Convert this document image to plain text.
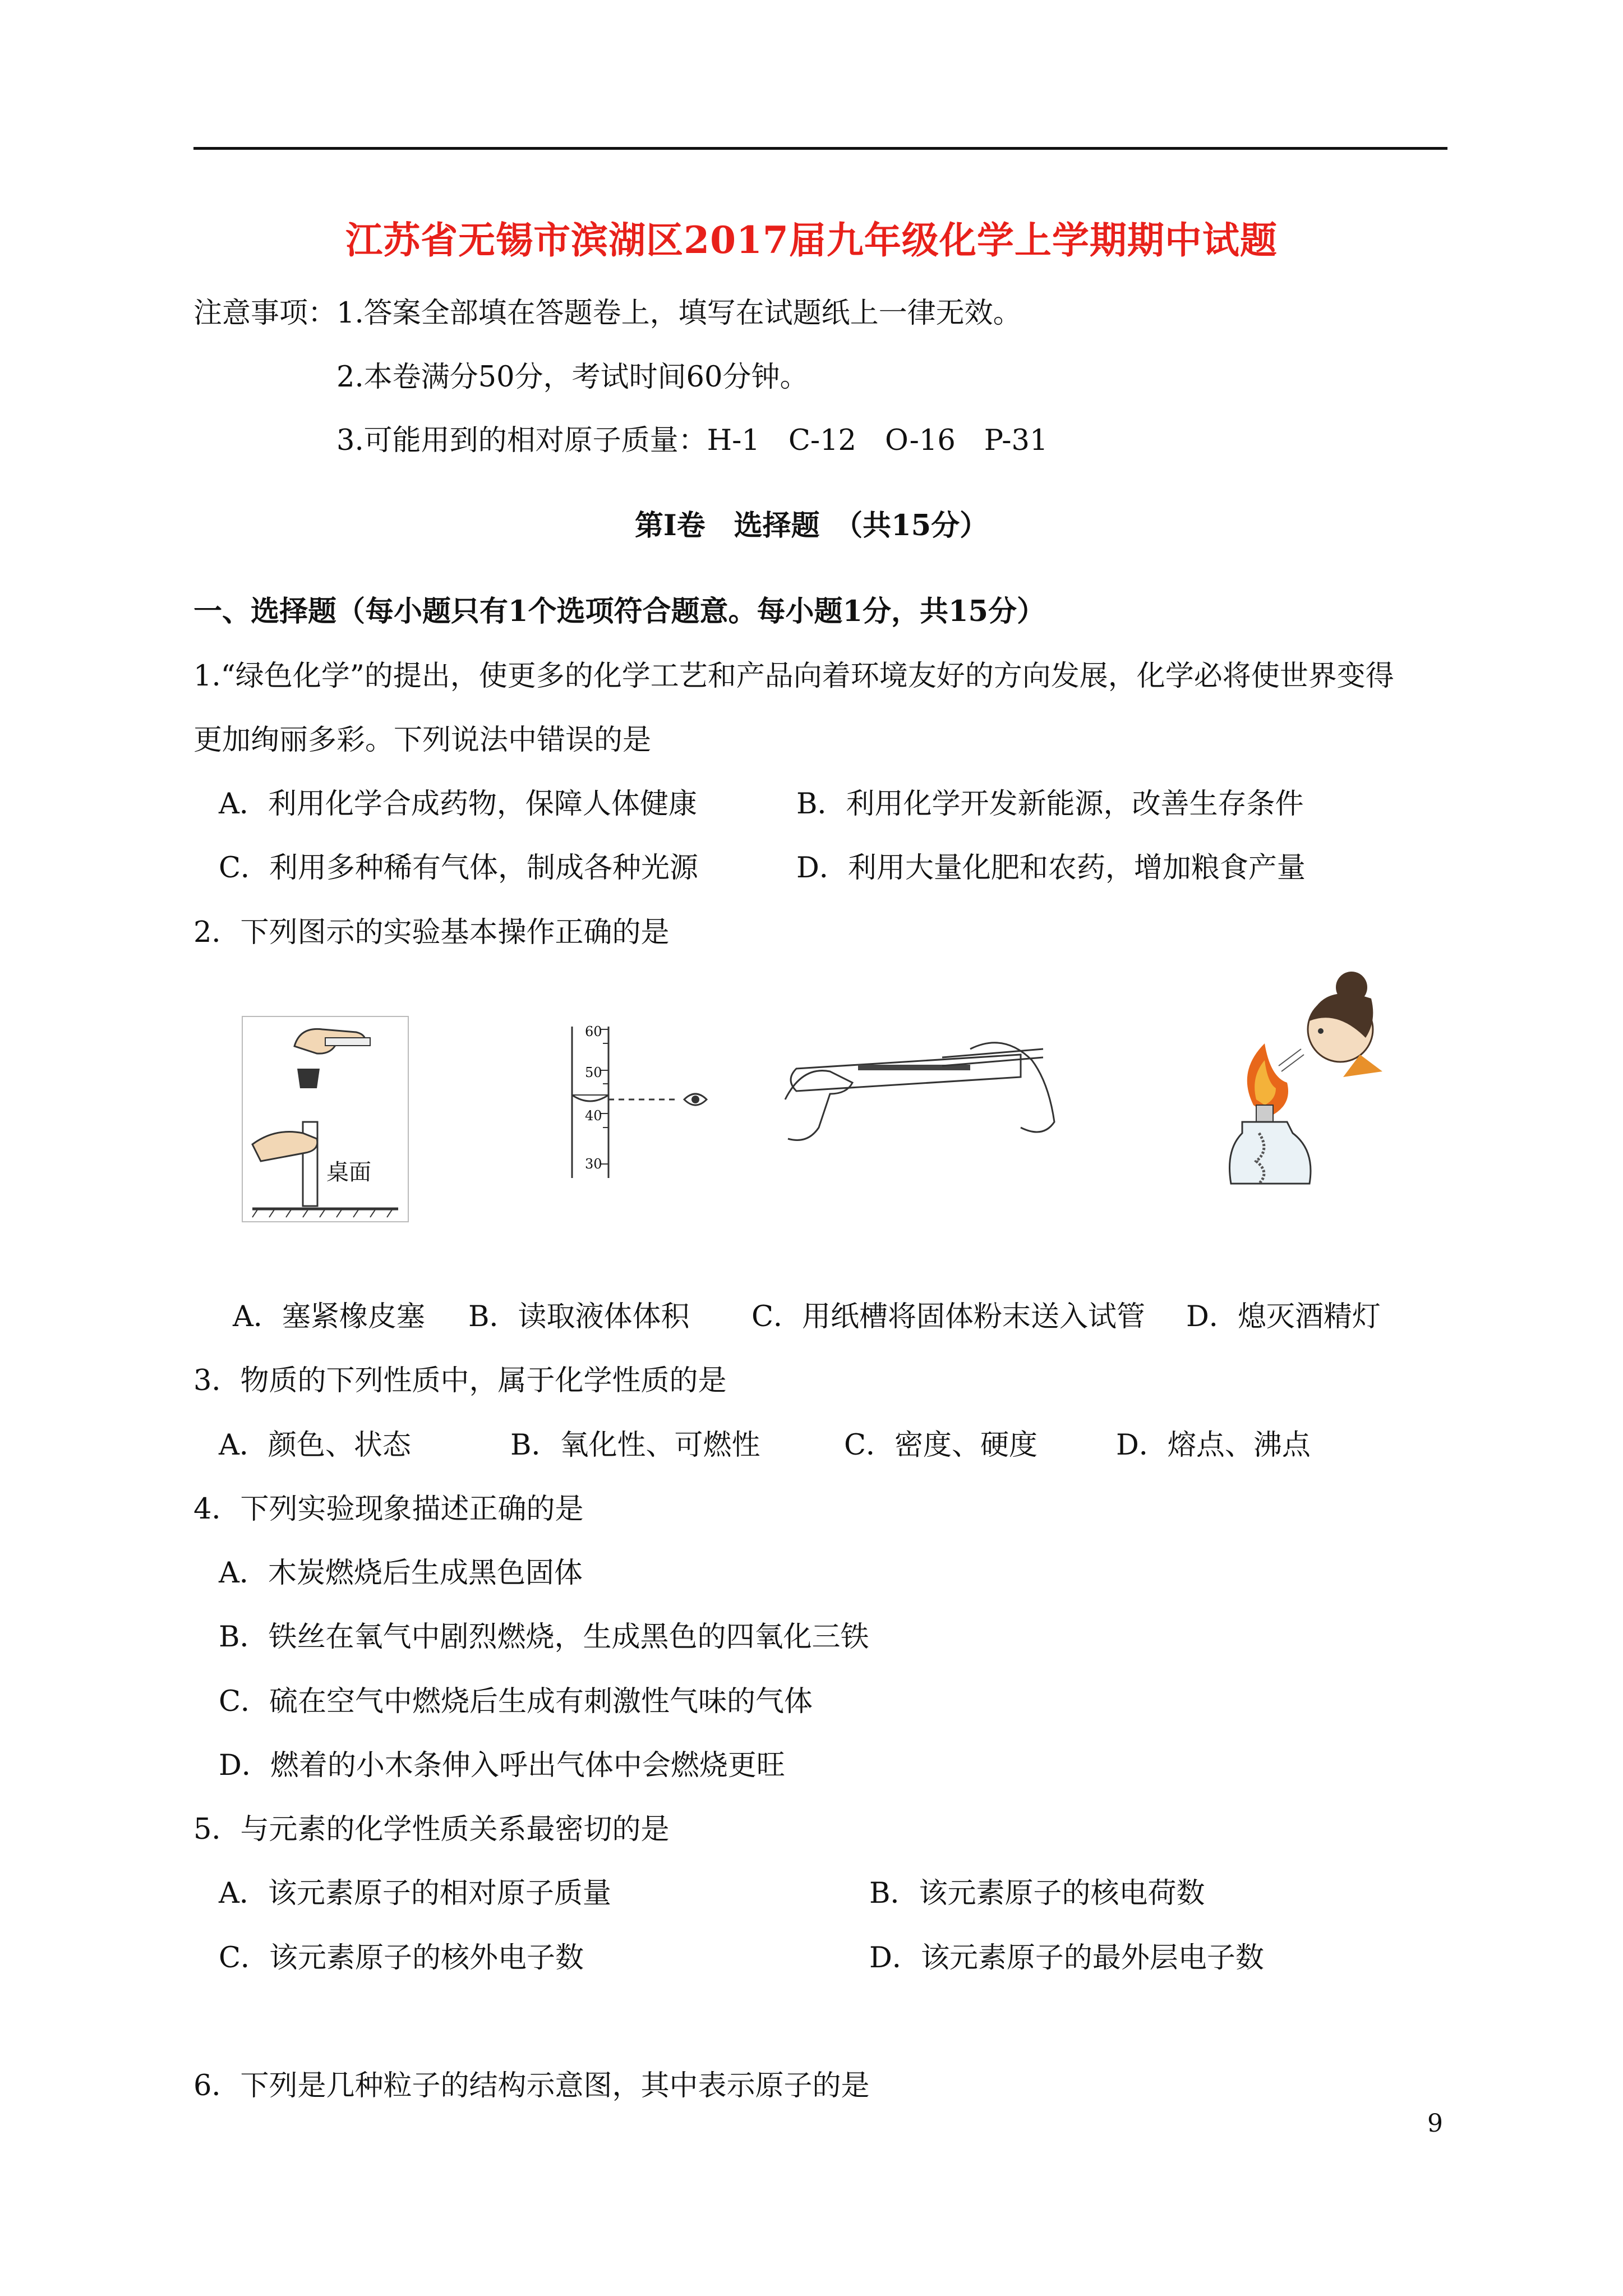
江苏省无锡市滨湖区2017届九年级化学上学期期中试题
注意事项： 1.答案全部填在答题卷上，填写在试题纸上一律无效。
2.本卷满分50分，考试时间60分钟。
3.可能用到的相对原子质量：H-1　C-12　O-16　P-31
第Ⅰ卷　选择题　（共15分）
一、选择题（每小题只有1个选项符合题意。每小题1分，共15分）
1.“绿色化学”的提出，使更多的化学工艺和产品向着环境友好的方向发展，化学必将使世界变得
更加绚丽多彩。下列说法中错误的是
A．利用化学合成药物，保障人体健康	B．利用化学开发新能源，改善生存条件
C．利用多种稀有气体，制成各种光源	D．利用大量化肥和农药，增加粮食产量
2．下列图示的实验基本操作正确的是
桌面
60
50
40
30
A．塞紧橡皮塞 B．读取液体体积 C．用纸槽将固体粉末送入试管 D．熄灭酒精灯
3．物质的下列性质中，属于化学性质的是
A．颜色、状态	B．氧化性、可燃性	C．密度、硬度	D．熔点、沸点
4．下列实验现象描述正确的是
A．木炭燃烧后生成黑色固体
B．铁丝在氧气中剧烈燃烧，生成黑色的四氧化三铁
C．硫在空气中燃烧后生成有刺激性气味的气体
D．燃着的小木条伸入呼出气体中会燃烧更旺
5．与元素的化学性质关系最密切的是
A．该元素原子的相对原子质量	B．该元素原子的核电荷数
C．该元素原子的核外电子数	D．该元素原子的最外层电子数
6．下列是几种粒子的结构示意图，其中表示原子的是
9
